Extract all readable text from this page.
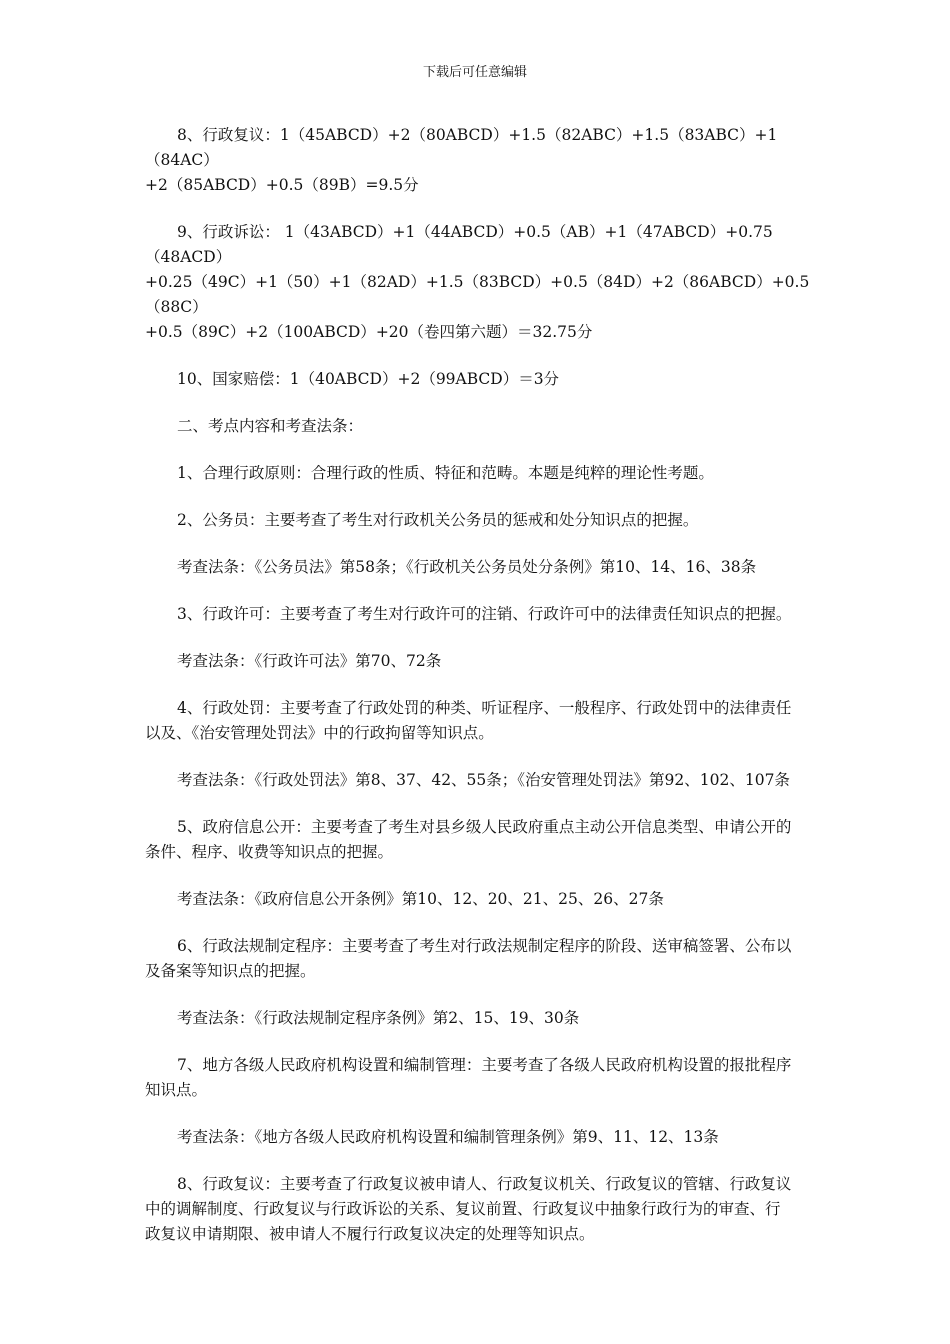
下载后可任意编辑
8、行政复议：1（45ABCD）+2（80ABCD）+1.5（82ABC）+1.5（83ABC）+1（84AC）
+2（85ABCD）+0.5（89B）=9.5分
9、行政诉讼： 1（43ABCD）+1（44ABCD）+0.5（AB）+1（47ABCD）+0.75（48ACD）
+0.25（49C）+1（50）+1（82AD）+1.5（83BCD）+0.5（84D）+2（86ABCD）+0.5（88C）
+0.5（89C）+2（100ABCD）+20（卷四第六题）＝32.75分
10、国家赔偿：1（40ABCD）+2（99ABCD）＝3分
二、考点内容和考查法条：
1、合理行政原则：合理行政的性质、特征和范畴。本题是纯粹的理论性考题。
2、公务员：主要考查了考生对行政机关公务员的惩戒和处分知识点的把握。
考查法条：《公务员法》第58条；《行政机关公务员处分条例》第10、14、16、38条
3、行政许可：主要考查了考生对行政许可的注销、行政许可中的法律责任知识点的把握。
考查法条：《行政许可法》第70、72条
4、行政处罚：主要考查了行政处罚的种类、听证程序、一般程序、行政处罚中的法律责任
以及、《治安管理处罚法》中的行政拘留等知识点。
考查法条：《行政处罚法》第8、37、42、55条；《治安管理处罚法》第92、102、107条
5、政府信息公开：主要考查了考生对县乡级人民政府重点主动公开信息类型、申请公开的
条件、程序、收费等知识点的把握。
考查法条：《政府信息公开条例》第10、12、20、21、25、26、27条
6、行政法规制定程序：主要考查了考生对行政法规制定程序的阶段、送审稿签署、公布以
及备案等知识点的把握。
考查法条：《行政法规制定程序条例》第2、15、19、30条
7、地方各级人民政府机构设置和编制管理：主要考查了各级人民政府机构设置的报批程序
知识点。
考查法条：《地方各级人民政府机构设置和编制管理条例》第9、11、12、13条
8、行政复议：主要考查了行政复议被申请人、行政复议机关、行政复议的管辖、行政复议
中的调解制度、行政复议与行政诉讼的关系、复议前置、行政复议中抽象行政行为的审查、行
政复议申请期限、被申请人不履行行政复议决定的处理等知识点。
